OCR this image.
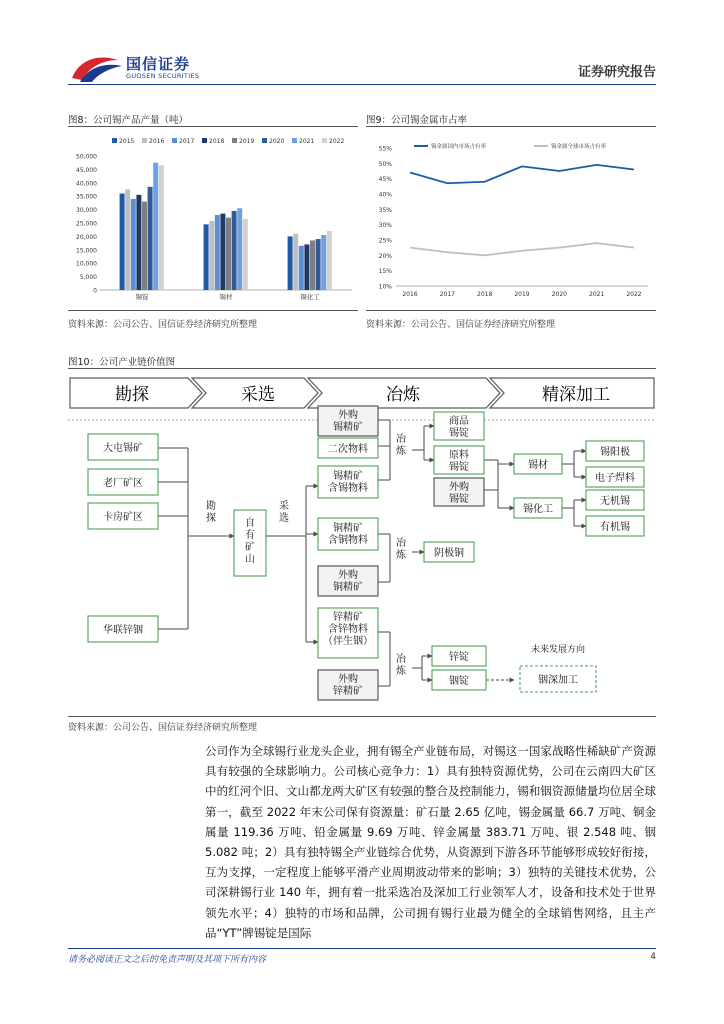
国信证券
GUOSEN SECURITIES	证券研究报告
图8：公司锡产品产量（吨）
0
5,000
10,000
15,000
20,000
25,000
30,000
35,000
40,000
45,000
50,000
2015 2016 2017 2018 2019 2020 2021 2022
锡锭	锡材	锡化工
资料来源：公司公告、国信证券经济研究所整理
图9：公司锡金属市占率
10%
15%
20%
25%
30%
35%
40%
45%
50%
55%
2016	2017	2018	2019	2020	2021	2022
锡金属国内市场占有率	锡金属全球市场占有率
资料来源：公司公告、国信证券经济研究所整理
图10：公司产业链价值图
勘探	采选	冶炼	精深加工
大屯锡矿
老厂矿区
卡房矿区
华联锌铟
勘探
采选
自有矿山
冶炼
冶炼
冶炼
外购锡精矿
二次物料
锡精矿含锡物料
铜精矿含铜物料
外购铜精矿
锌精矿含锌物料（伴生铟）
外购锌精矿
商品锡锭
原料锡锭
外购锡锭
锡材
锡化工
锡阳极
电子焊料
无机锡
有机锡
阴极铜
锌锭
铟锭
未来发展方向
铟深加工
资料来源：公司公告、国信证券经济研究所整理
公司作为全球锡行业龙头企业，拥有锡全产业链布局，对锡这一国家战略性稀缺矿产资源具有较强的全球影响力。公司核心竞争力：1）具有独特资源优势，公司在云南四大矿区中的红河个旧、文山都龙两大矿区有较强的整合及控制能力，锡和铟资源储量均位居全球第一，截至 2022 年末公司保有资源量：矿石量 2.65 亿吨，锡金属量 66.7 万吨、铜金属量 119.36 万吨、铅金属量 9.69 万吨、锌金属量 383.71 万吨、银 2.548 吨、铟 5.082 吨；2）具有独特锡全产业链综合优势，从资源到下游各环节能够形成较好衔接，互为支撑，一定程度上能够平滑产业周期波动带来的影响；3）独特的关键技术优势，公司深耕锡行业 140 年，拥有着一批采选冶及深加工行业领军人才，设备和技术处于世界领先水平；4）独特的市场和品牌，公司拥有锡行业最为健全的全球销售网络，且主产品“YT”牌锡锭是国际
请务必阅读正文之后的免责声明及其项下所有内容	4
